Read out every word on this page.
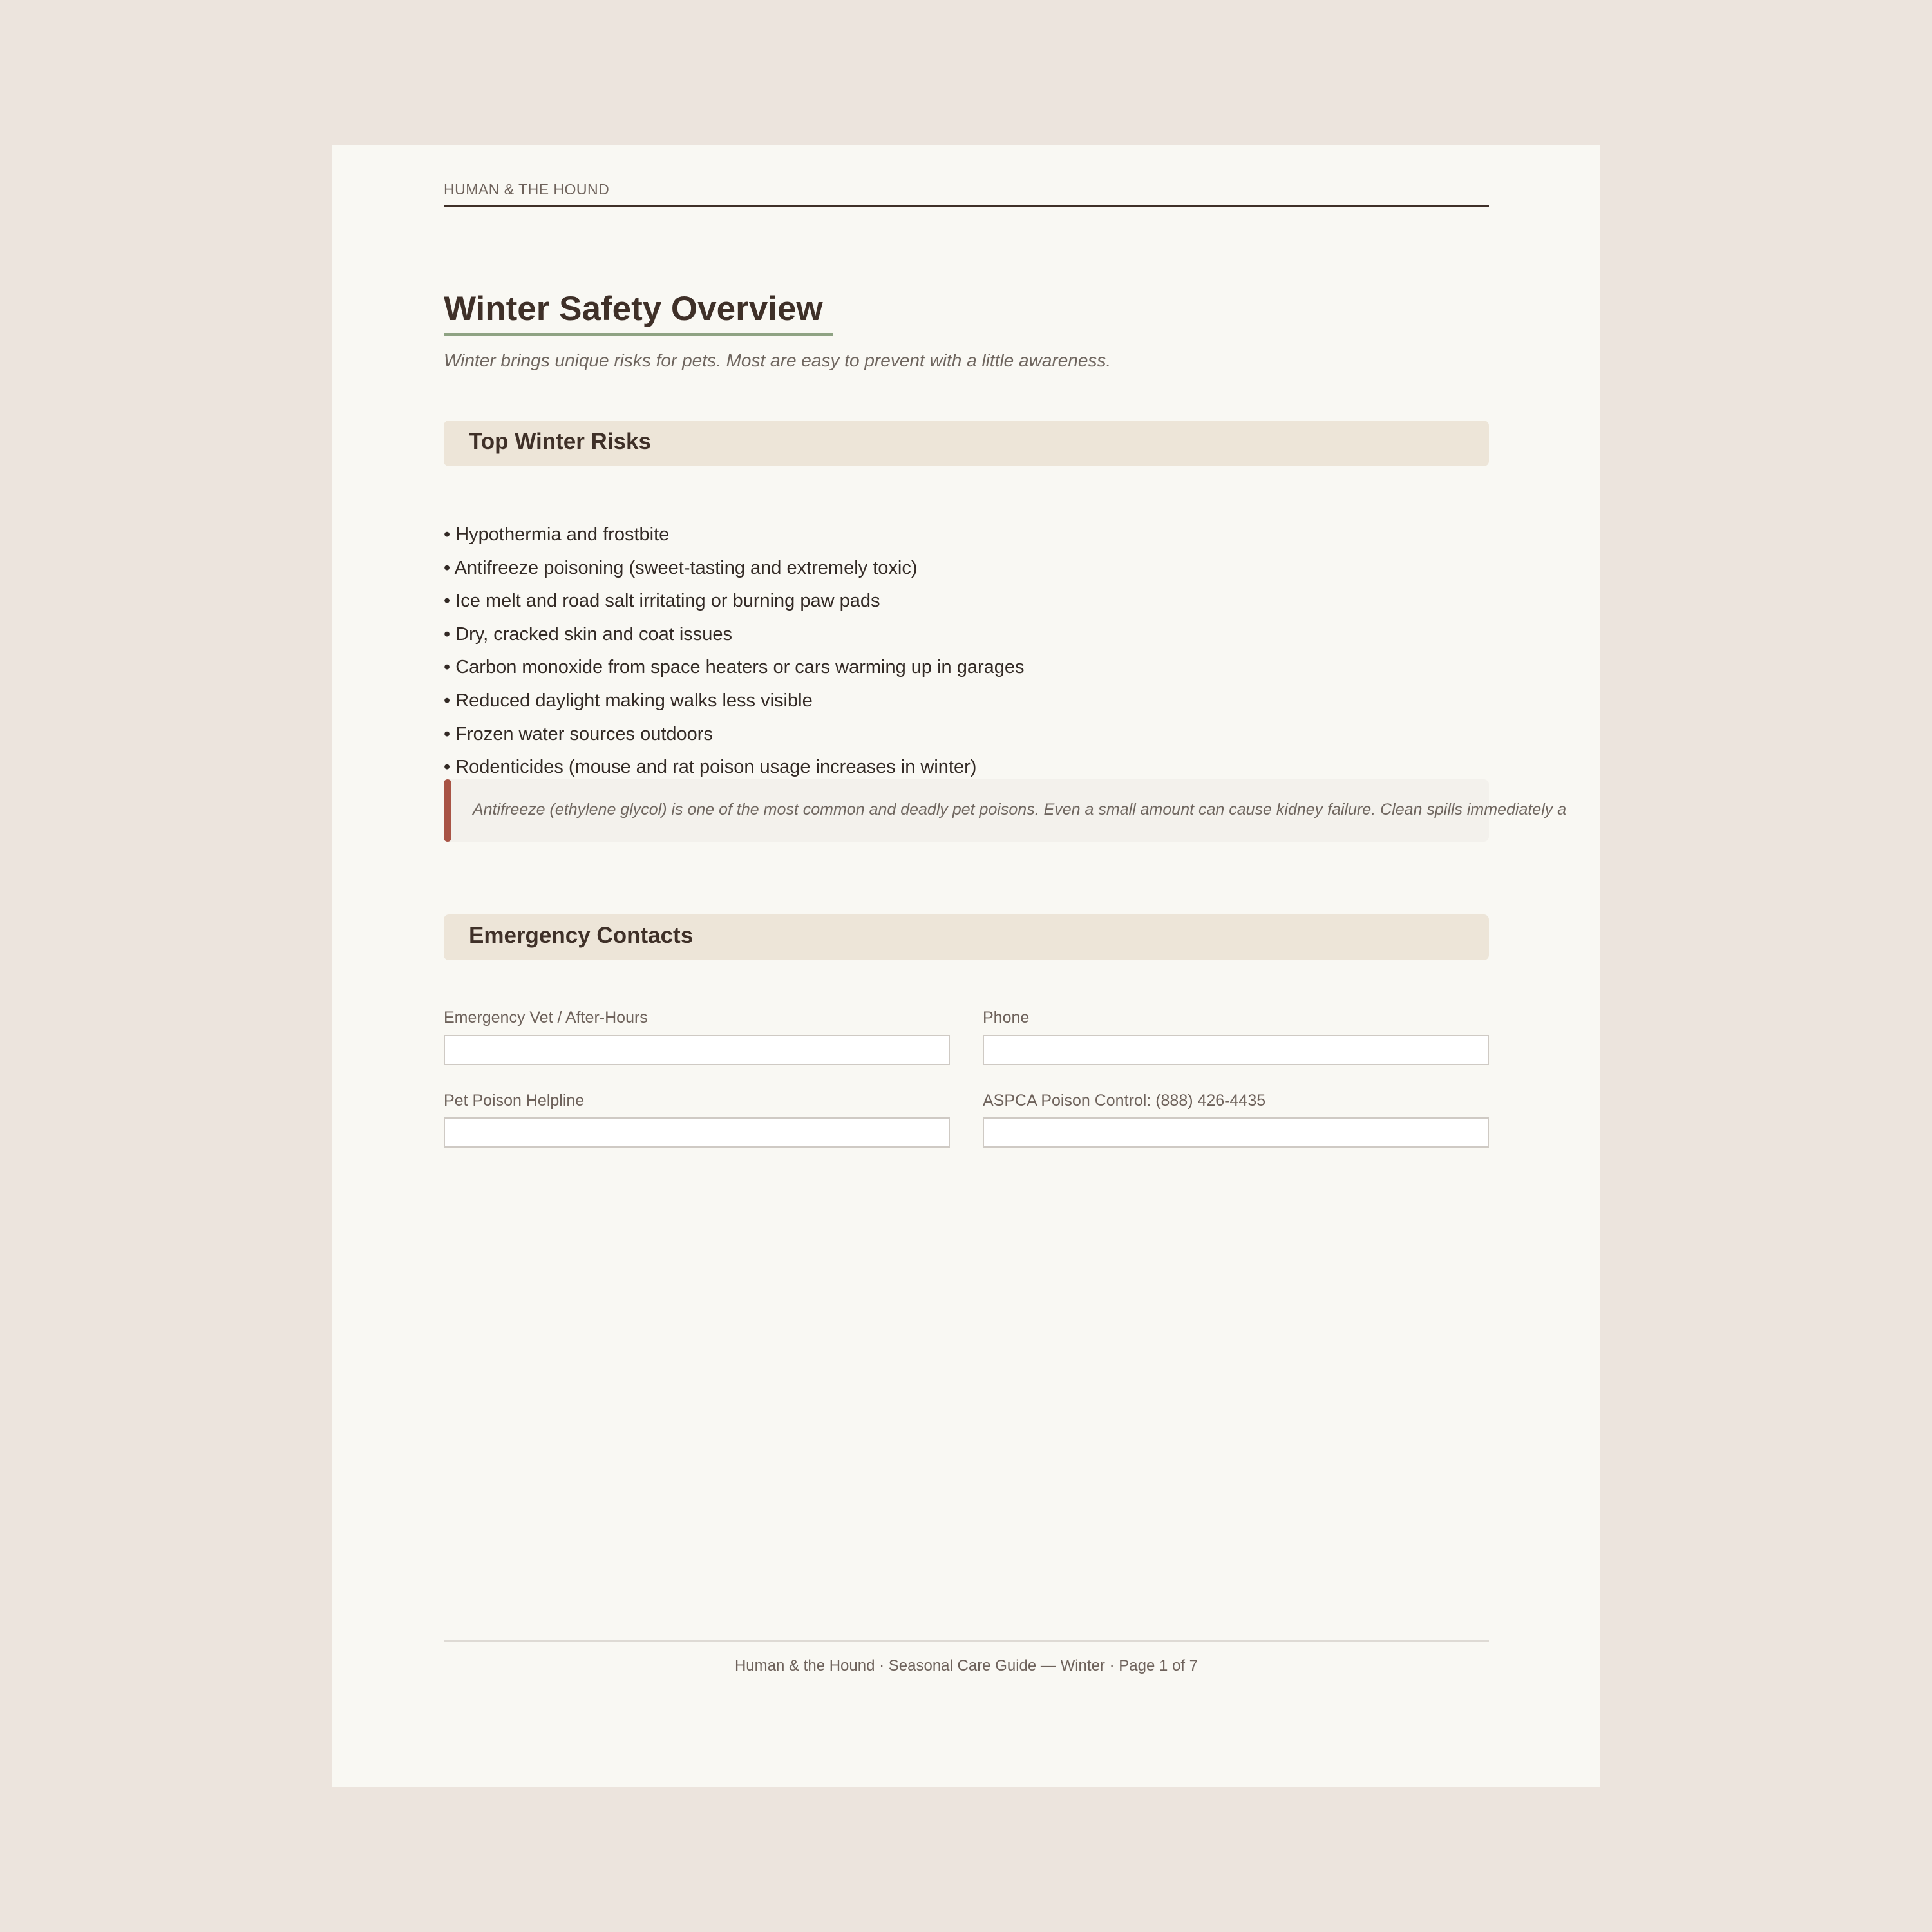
HUMAN & THE HOUND
Winter Safety Overview
Winter brings unique risks for pets. Most are easy to prevent with a little awareness.
Top Winter Risks
• Hypothermia and frostbite
• Antifreeze poisoning (sweet-tasting and extremely toxic)
• Ice melt and road salt irritating or burning paw pads
• Dry, cracked skin and coat issues
• Carbon monoxide from space heaters or cars warming up in garages
• Reduced daylight making walks less visible
• Frozen water sources outdoors
• Rodenticides (mouse and rat poison usage increases in winter)
Antifreeze (ethylene glycol) is one of the most common and deadly pet poisons. Even a small amount can cause kidney failure. Clean spills immediately a
Emergency Contacts
Emergency Vet / After-Hours	Phone
Pet Poison Helpline	ASPCA Poison Control: (888) 426-4435
Human & the Hound · Seasonal Care Guide — Winter · Page 1 of 7
